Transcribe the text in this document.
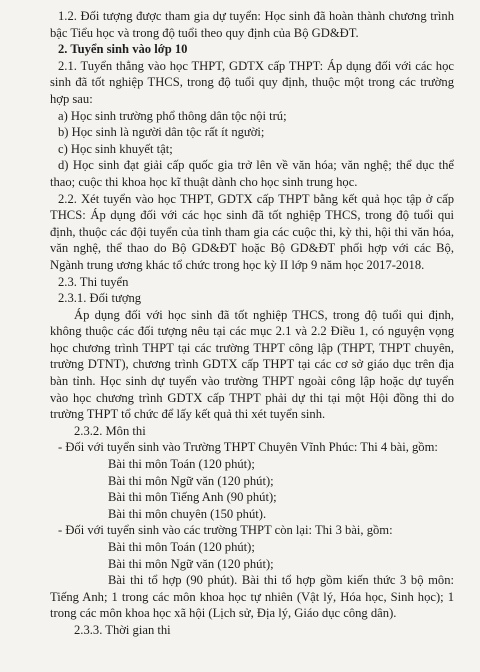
1.2. Đối tượng được tham gia dự tuyển: Học sinh đã hoàn thành chương trình bậc Tiểu học và trong độ tuổi theo quy định của Bộ GD&ĐT.

2. Tuyển sinh vào lớp 10

2.1. Tuyển thẳng vào học THPT, GDTX cấp THPT: Áp dụng đối với các học sinh đã tốt nghiệp THCS, trong độ tuổi quy định, thuộc một trong các trường hợp sau:

a) Học sinh trường phổ thông dân tộc nội trú;

b) Học sinh là người dân tộc rất ít người;

c) Học sinh khuyết tật;

d) Học sinh đạt giải cấp quốc gia trở lên về văn hóa; văn nghệ; thể dục thể thao; cuộc thi khoa học kĩ thuật dành cho học sinh trung học.

2.2. Xét tuyển vào học THPT, GDTX cấp THPT bằng kết quả học tập ở cấp THCS: Áp dụng đối với các học sinh đã tốt nghiệp THCS, trong độ tuổi qui định, thuộc các đội tuyển của tỉnh tham gia các cuộc thi, kỳ thi, hội thi văn hóa, văn nghệ, thể thao do Bộ GD&ĐT hoặc Bộ GD&ĐT phối hợp với các Bộ, Ngành trung ương khác tổ chức trong học kỳ II lớp 9 năm học 2017-2018.

2.3. Thi tuyển

2.3.1. Đối tượng

Áp dụng đối với học sinh đã tốt nghiệp THCS, trong độ tuổi qui định, không thuộc các đối tượng nêu tại các mục 2.1 và 2.2 Điều 1, có nguyện vọng học chương trình THPT tại các trường THPT công lập (THPT, THPT chuyên, trường DTNT), chương trình GDTX cấp THPT tại các cơ sở giáo dục trên địa bàn tỉnh. Học sinh dự tuyển vào trường THPT ngoài công lập hoặc dự tuyển vào học chương trình GDTX cấp THPT phải dự thi tại một Hội đồng thi do trường THPT tổ chức để lấy kết quả thi xét tuyển sinh.

2.3.2. Môn thi

- Đối với tuyển sinh vào Trường THPT Chuyên Vĩnh Phúc: Thi 4 bài, gồm:

Bài thi môn Toán (120 phút);

Bài thi môn Ngữ văn (120 phút);

Bài thi môn Tiếng Anh (90 phút);

Bài thi môn chuyên (150 phút).

- Đối với tuyển sinh vào các trường THPT còn lại: Thi 3 bài, gồm:

Bài thi môn Toán (120 phút);

Bài thi môn Ngữ văn (120 phút);

Bài thi tổ hợp (90 phút). Bài thi tổ hợp gồm kiến thức 3 bộ môn: Tiếng Anh; 1 trong các môn khoa học tự nhiên (Vật lý, Hóa học, Sinh học); 1 trong các môn khoa học xã hội (Lịch sử, Địa lý, Giáo dục công dân).

2.3.3. Thời gian thi
